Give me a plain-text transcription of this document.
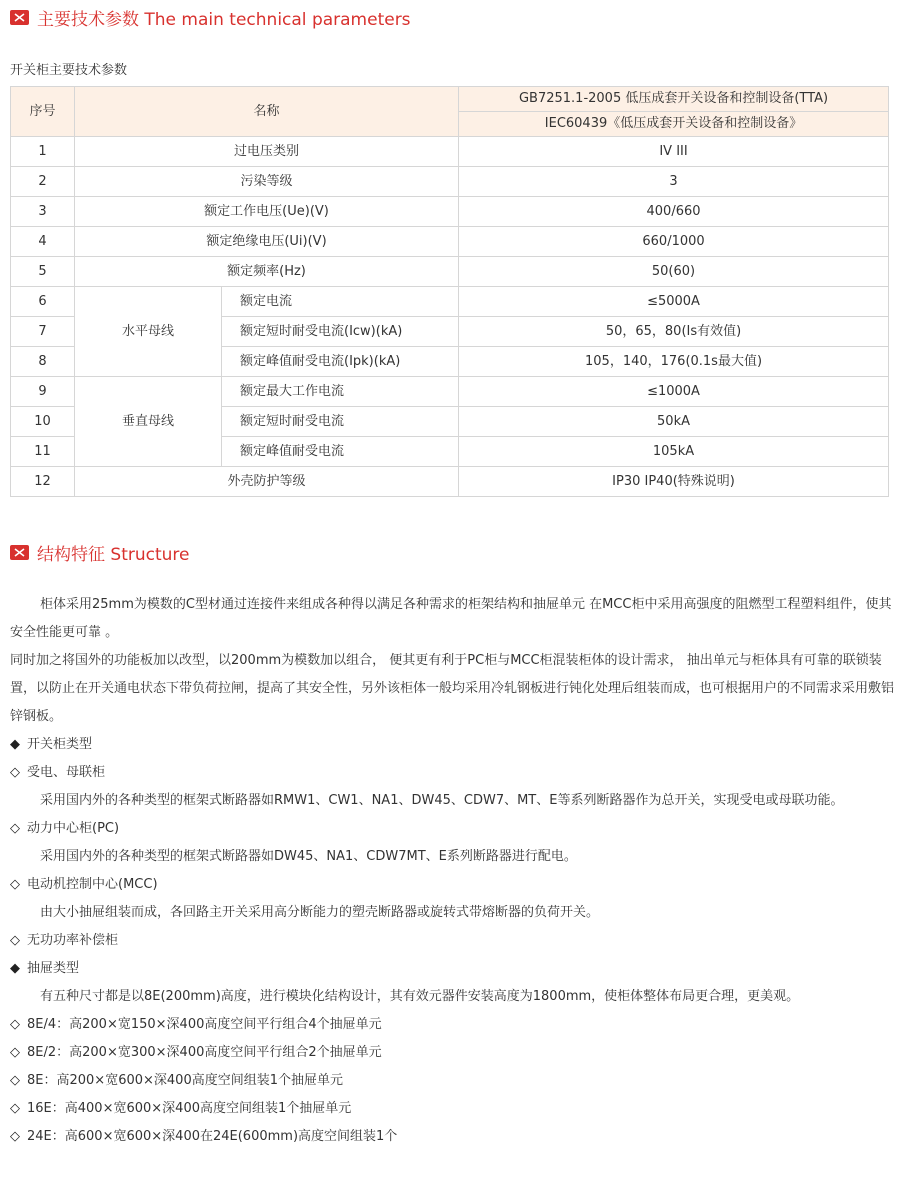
主要技术参数 The main technical parameters
开关柜主要技术参数
序号	名称		GB7251.1-2005 低压成套开关设备和控制设备(TTA)
			IEC60439《低压成套开关设备和控制设备》
1	过电压类别		IV III
2	污染等级		3
3	额定工作电压(Ue)(V)		400/660
4	额定绝缘电压(Ui)(V)		660/1000
5	额定频率(Hz)		50(60)
6	水平母线	额定电流	≤5000A
7		额定短时耐受电流(Icw)(kA)	50，65，80(Is有效值)
8		额定峰值耐受电流(Ipk)(kA)	105，140，176(0.1s最大值)
9	垂直母线	额定最大工作电流	≤1000A
10		额定短时耐受电流	50kA
11		额定峰值耐受电流	105kA
12	外壳防护等级		IP30 IP40(特殊说明)
结构特征 Structure

柜体采用25mm为模数的C型材通过连接件来组成各种得以满足各种需求的柜架结构和抽屉单元 在MCC柜中采用高强度的阻燃型工程塑料组件，使其安全性能更可靠 。

同时加之将国外的功能板加以改型，以200mm为模数加以组合， 便其更有利于PC柜与MCC柜混装柜体的设计需求， 抽出单元与柜体具有可靠的联锁装置，以防止在开关通电状态下带负荷拉闸，提高了其安全性，另外该柜体一般均采用冷轧钢板进行钝化处理后组装而成，也可根据用户的不同需求采用敷铝锌钢板。

◆ 开关柜类型
◇ 受电、母联柜

采用国内外的各种类型的框架式断路器如RMW1、CW1、NA1、DW45、CDW7、MT、E等系列断路器作为总开关，实现受电或母联功能。

◇ 动力中心柜(PC)

采用国内外的各种类型的框架式断路器如DW45、NA1、CDW7MT、E系列断路器进行配电。

◇ 电动机控制中心(MCC)

由大小抽屉组装而成，各回路主开关采用高分断能力的塑壳断路器或旋转式带熔断器的负荷开关。

◇ 无功功率补偿柜
◆ 抽屉类型

有五种尺寸都是以8E(200mm)高度，进行模块化结构设计，其有效元器件安装高度为1800mm，使柜体整体布局更合理，更美观。

◇ 8E/4：高200×宽150×深400高度空间平行组合4个抽屉单元
◇ 8E/2：高200×宽300×深400高度空间平行组合2个抽屉单元
◇ 8E：高200×宽600×深400高度空间组装1个抽屉单元
◇ 16E：高400×宽600×深400高度空间组装1个抽屉单元
◇ 24E：高600×宽600×深400在24E(600mm)高度空间组装1个
